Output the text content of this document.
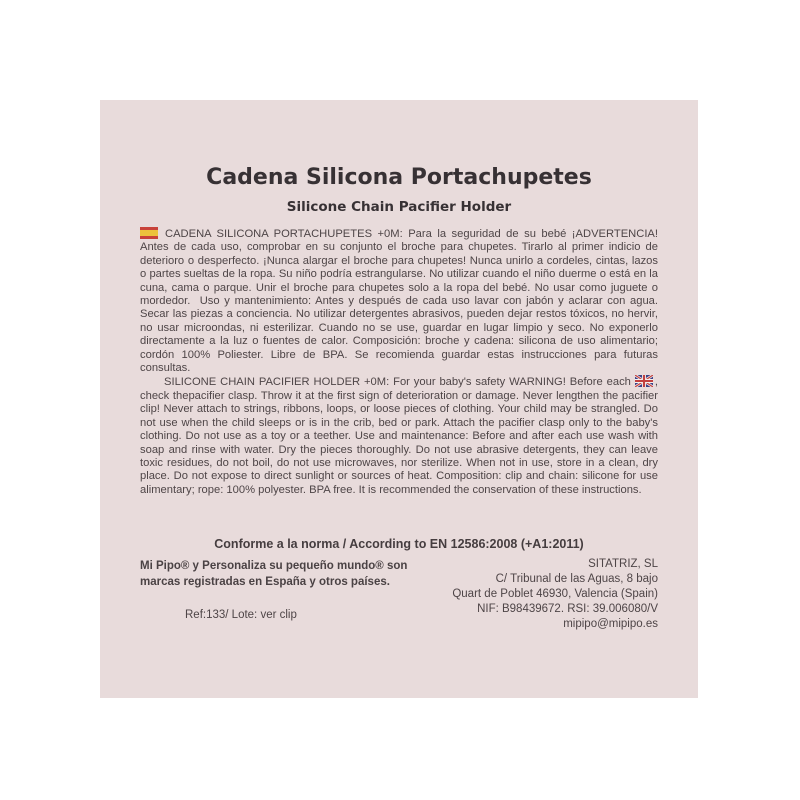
Cadena Silicona Portachupetes
Silicone Chain Pacifier Holder

CADENA SILICONA PORTACHUPETES +0M: Para la seguridad de su bebé ¡ADVERTENCIA! Antes de cada uso, comprobar en su conjunto el broche para chupetes. Tirarlo al primer indicio de deterioro o desperfecto. ¡Nunca alargar el broche para chupetes! Nunca unirlo a cordeles, cintas, lazos o partes sueltas de la ropa. Su niño podría estrangularse. No utilizar cuando el niño duerme o está en la cuna, cama o parque. Unir el broche para chupetes solo a la ropa del bebé. No usar como juguete o mordedor.  Uso y mantenimiento: Antes y después de cada uso lavar con jabón y aclarar con agua. Secar las piezas a conciencia. No utilizar detergentes abrasivos, pueden dejar restos tóxicos, no hervir, no usar microondas, ni esterilizar. Cuando no se use, guardar en lugar limpio y seco. No exponerlo directamente a la luz o fuentes de calor. Composición: broche y cadena: silicona de uso alimentario; cordón 100% Poliester. Libre de BPA. Se recomienda guardar estas instrucciones para futuras consultas.

SILICONE CHAIN PACIFIER HOLDER +0M: For your baby's safety WARNING! Before each , check thepacifier clasp. Throw it at the first sign of deterioration or damage. Never lengthen the pacifier clip! Never attach to strings, ribbons, loops, or loose pieces of clothing. Your child may be strangled. Do not use when the child sleeps or is in the crib, bed or park. Attach the pacifier clasp only to the baby's clothing. Do not use as a toy or a teether. Use and maintenance: Before and after each use wash with soap and rinse with water. Dry the pieces thoroughly. Do not use abrasive detergents, they can leave toxic residues, do not boil, do not use microwaves, nor sterilize. When not in use, store in a clean, dry place. Do not expose to direct sunlight or sources of heat. Composition: clip and chain: silicone for use alimentary; rope: 100% polyester. BPA free. It is recommended the conservation of these instructions.

Conforme a la norma / According to EN 12586:2008 (+A1:2011)

Mi Pipo® y Personaliza su pequeño mundo® son marcas registradas en España y otros países.
SITATRIZ, SL
C/ Tribunal de las Aguas, 8 bajo
Quart de Poblet 46930, Valencia (Spain)
NIF: B98439672. RSI: 39.006080/V
mipipo@mipipo.es
Ref:133/ Lote: ver clip
